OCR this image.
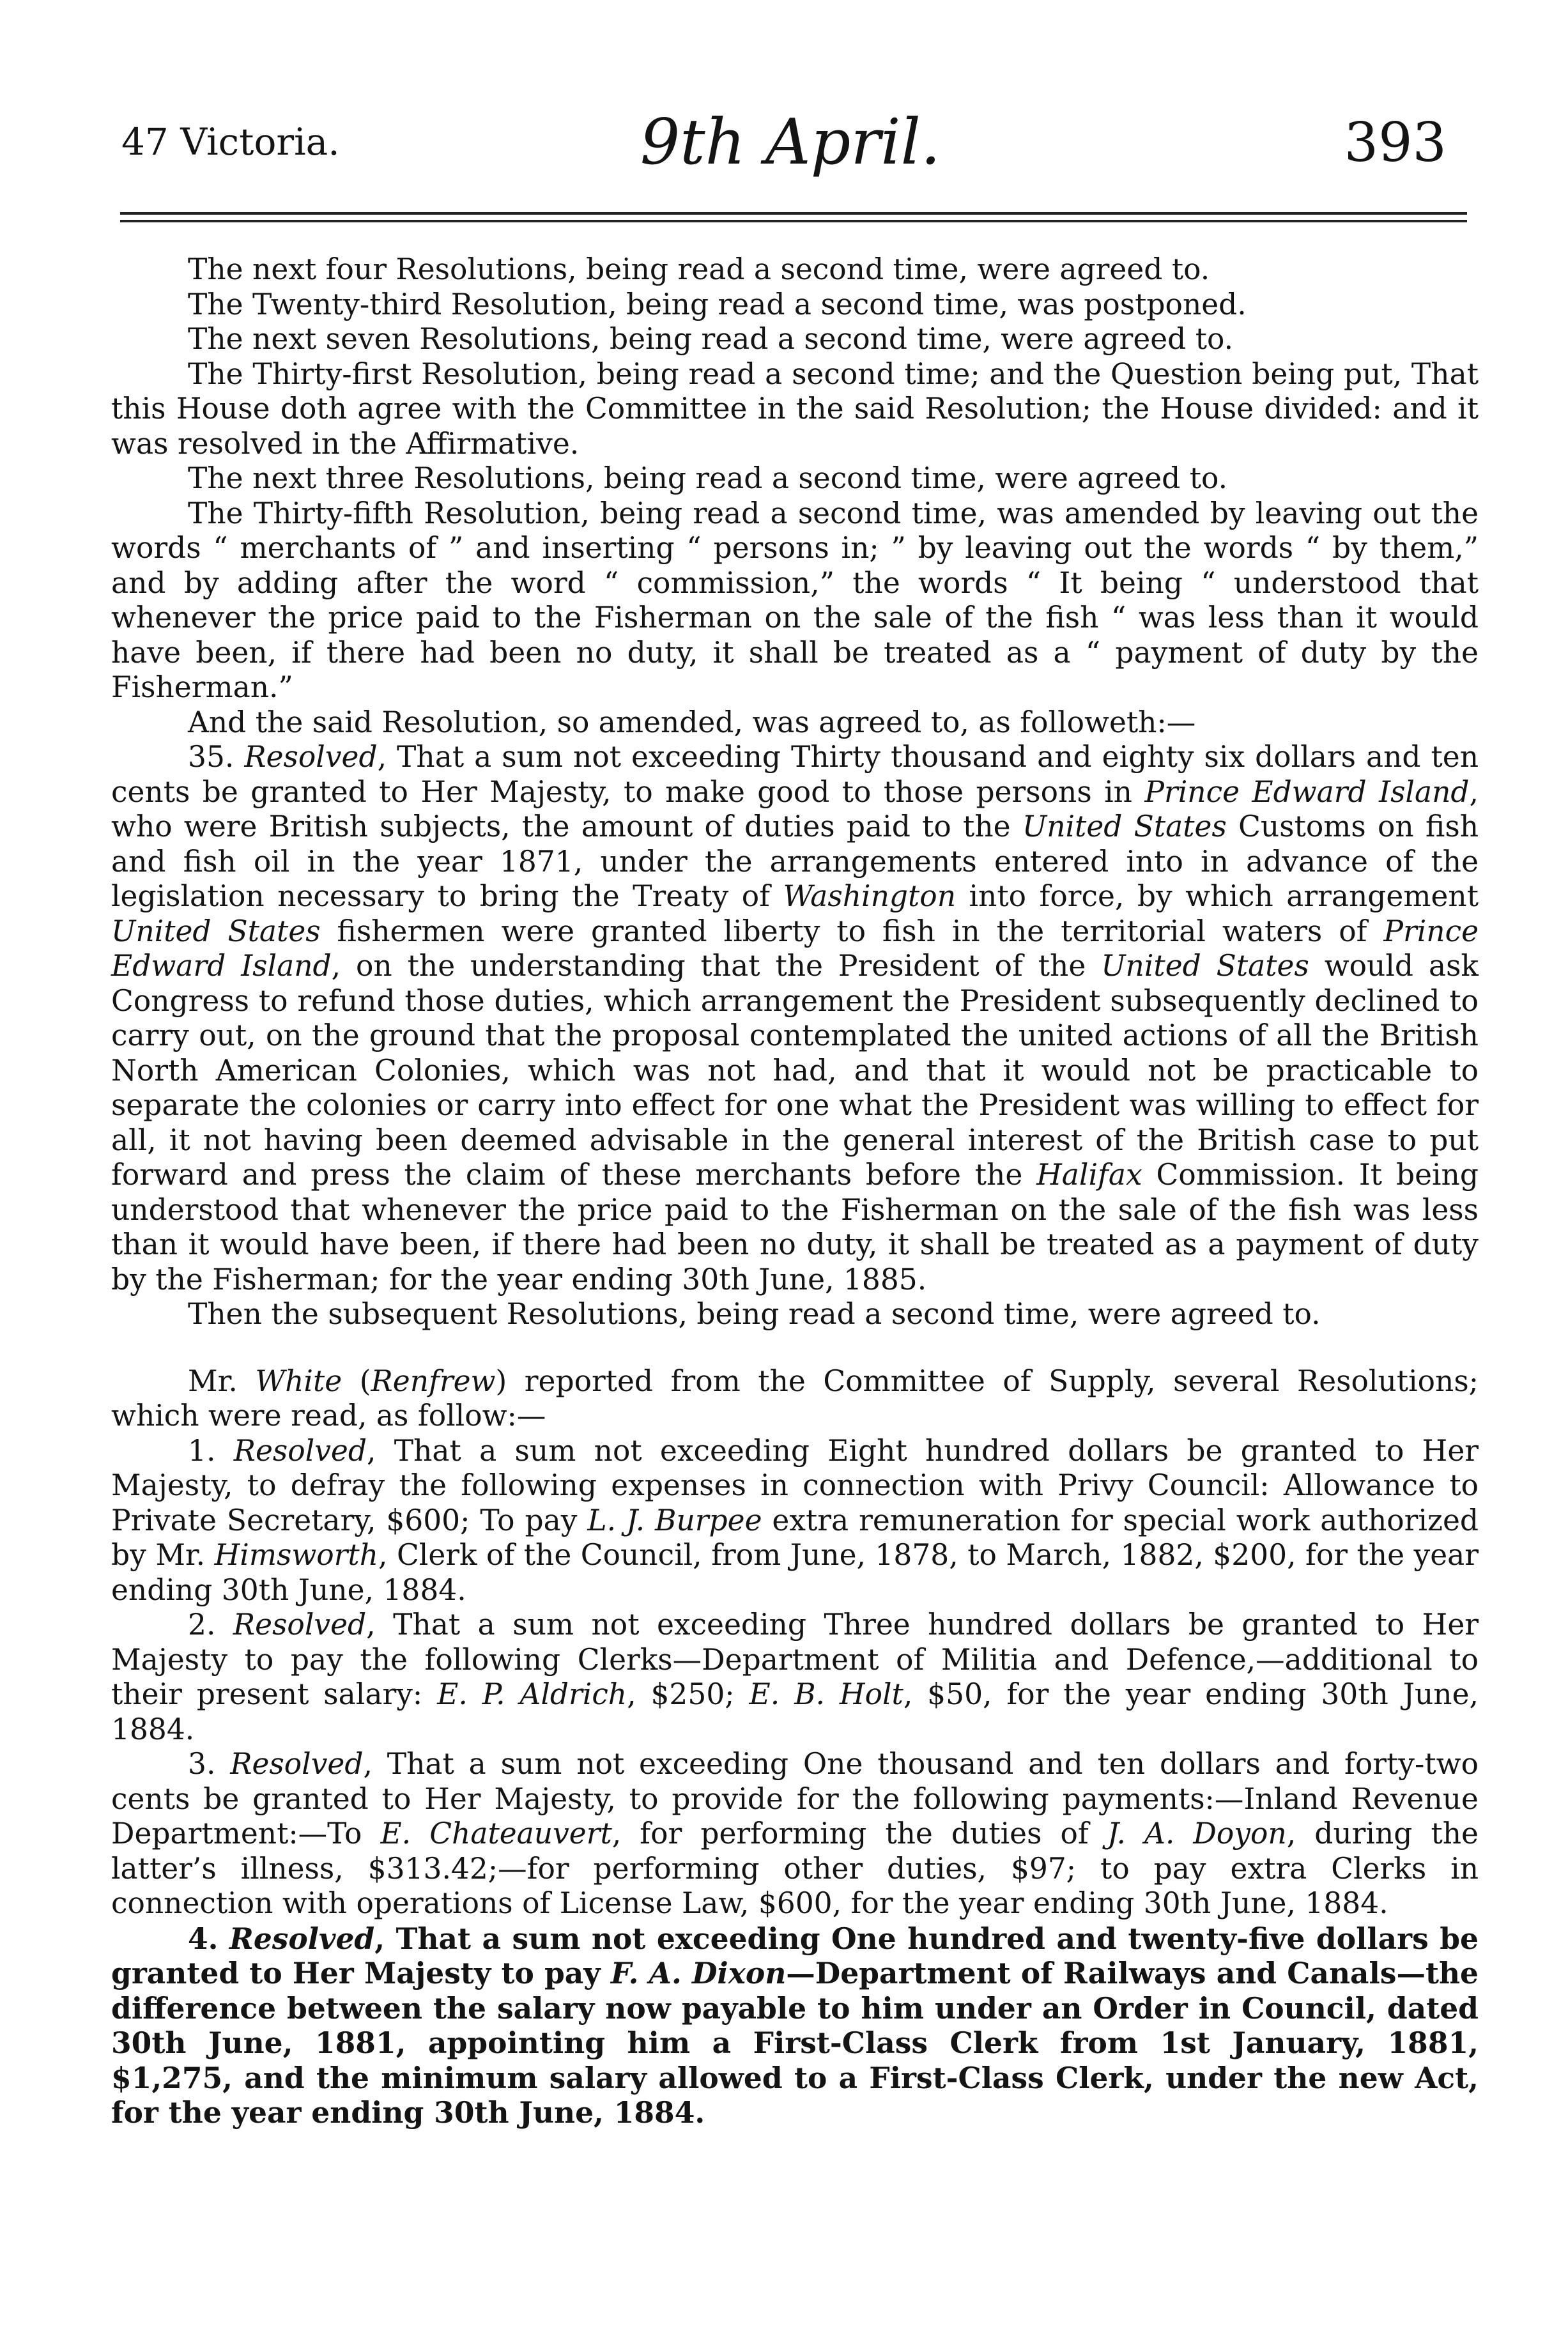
47 Victoria.	9th April.	393

The next four Resolutions, being read a second time, were agreed to.

The Twenty-third Resolution, being read a second time, was postponed.

The next seven Resolutions, being read a second time, were agreed to.

The Thirty-first Resolution, being read a second time; and the Question being put, That this House doth agree with the Committee in the said Resolution; the House divided: and it was resolved in the Affirmative.

The next three Resolutions, being read a second time, were agreed to.

The Thirty-fifth Resolution, being read a second time, was amended by leaving out the words “ merchants of ” and inserting “ persons in; ” by leaving out the words “ by them,” and by adding after the word “ commission,” the words “ It being “ understood that whenever the price paid to the Fisherman on the sale of the fish “ was less than it would have been, if there had been no duty, it shall be treated as a “ payment of duty by the Fisherman.”

And the said Resolution, so amended, was agreed to, as followeth:—

35. Resolved, That a sum not exceeding Thirty thousand and eighty six dollars and ten cents be granted to Her Majesty, to make good to those persons in Prince Edward Island, who were British subjects, the amount of duties paid to the United States Customs on fish and fish oil in the year 1871, under the arrangements entered into in advance of the legislation necessary to bring the Treaty of Washington into force, by which arrangement United States fishermen were granted liberty to fish in the territorial waters of Prince Edward Island, on the understanding that the President of the United States would ask Congress to refund those duties, which arrangement the President subsequently declined to carry out, on the ground that the proposal contemplated the united actions of all the British North American Colonies, which was not had, and that it would not be practicable to separate the colonies or carry into effect for one what the President was willing to effect for all, it not having been deemed advisable in the general interest of the British case to put forward and press the claim of these merchants before the Halifax Commission. It being understood that whenever the price paid to the Fisherman on the sale of the fish was less than it would have been, if there had been no duty, it shall be treated as a payment of duty by the Fisherman; for the year ending 30th June, 1885.

Then the subsequent Resolutions, being read a second time, were agreed to.

Mr. White (Renfrew) reported from the Committee of Supply, several Resolutions; which were read, as follow:—

1. Resolved, That a sum not exceeding Eight hundred dollars be granted to Her Majesty, to defray the following expenses in connection with Privy Council: Allowance to Private Secretary, $600; To pay L. J. Burpee extra remuneration for special work authorized by Mr. Himsworth, Clerk of the Council, from June, 1878, to March, 1882, $200, for the year ending 30th June, 1884.

2. Resolved, That a sum not exceeding Three hundred dollars be granted to Her Majesty to pay the following Clerks—Department of Militia and Defence,—additional to their present salary: E. P. Aldrich, $250; E. B. Holt, $50, for the year ending 30th June, 1884.

3. Resolved, That a sum not exceeding One thousand and ten dollars and forty-two cents be granted to Her Majesty, to provide for the following payments:—Inland Revenue Department:—To E. Chateauvert, for performing the duties of J. A. Doyon, during the latter’s illness, $313.42;—for performing other duties, $97; to pay extra Clerks in connection with operations of License Law, $600, for the year ending 30th June, 1884.

4. Resolved, That a sum not exceeding One hundred and twenty-five dollars be granted to Her Majesty to pay F. A. Dixon—Department of Railways and Canals—the difference between the salary now payable to him under an Order in Council, dated 30th June, 1881, appointing him a First-Class Clerk from 1st January, 1881, $1,275, and the minimum salary allowed to a First-Class Clerk, under the new Act, for the year ending 30th June, 1884.
